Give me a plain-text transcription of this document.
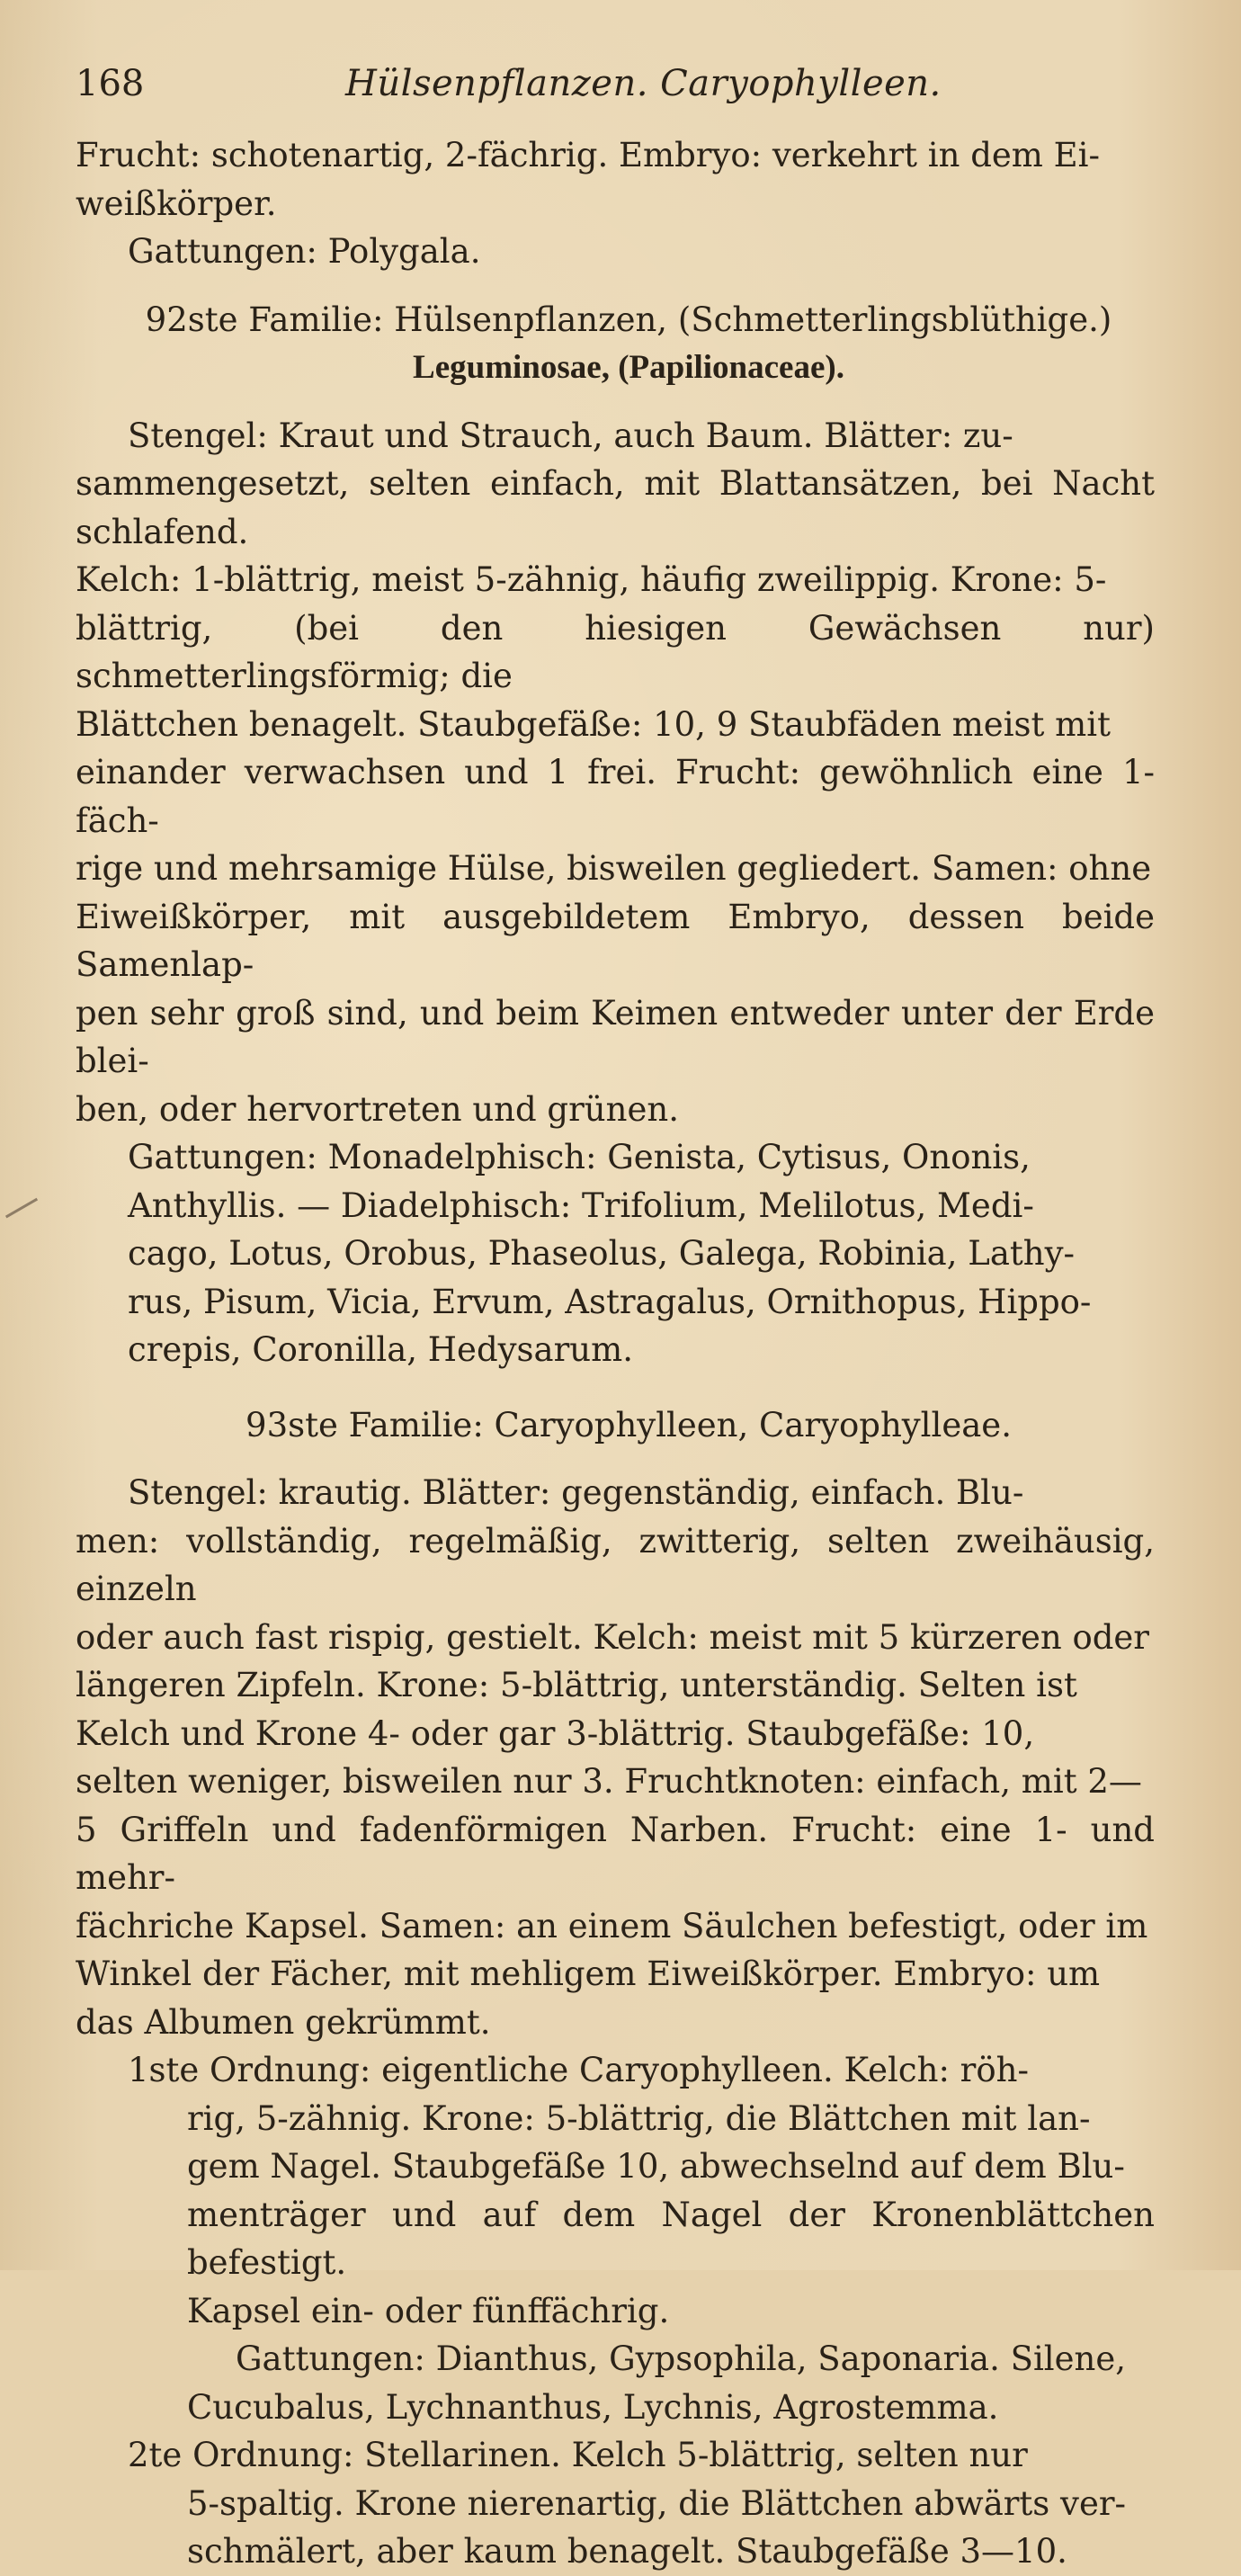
168	Hülsenpflanzen. Caryophylleen.

Frucht: schotenartig, 2-fächrig. Embryo: verkehrt in dem Ei-

weißkörper.

Gattungen: Polygala.

92ste Familie: Hülsenpflanzen, (Schmetterlingsblüthige.)

Leguminosae, (Papilionaceae).

Stengel: Kraut und Strauch, auch Baum. Blätter: zu-

sammengesetzt, selten einfach, mit Blattansätzen, bei Nacht schlafend.

Kelch: 1-blättrig, meist 5-zähnig, häufig zweilippig. Krone: 5-

blättrig, (bei den hiesigen Gewächsen nur) schmetterlingsförmig; die

Blättchen benagelt. Staubgefäße: 10, 9 Staubfäden meist mit

einander verwachsen und 1 frei. Frucht: gewöhnlich eine 1-fäch-

rige und mehrsamige Hülse, bisweilen gegliedert. Samen: ohne

Eiweißkörper, mit ausgebildetem Embryo, dessen beide Samenlap-

pen sehr groß sind, und beim Keimen entweder unter der Erde blei-

ben, oder hervortreten und grünen.

Gattungen: Monadelphisch: Genista, Cytisus, Ononis,

Anthyllis. — Diadelphisch: Trifolium, Melilotus, Medi-

cago, Lotus, Orobus, Phaseolus, Galega, Robinia, Lathy-

rus, Pisum, Vicia, Ervum, Astragalus, Ornithopus, Hippo-

crepis, Coronilla, Hedysarum.

93ste Familie: Caryophylleen, Caryophylleae.

Stengel: krautig. Blätter: gegenständig, einfach. Blu-

men: vollständig, regelmäßig, zwitterig, selten zweihäusig, einzeln

oder auch fast rispig, gestielt. Kelch: meist mit 5 kürzeren oder

längeren Zipfeln. Krone: 5-blättrig, unterständig. Selten ist

Kelch und Krone 4- oder gar 3-blättrig. Staubgefäße: 10,

selten weniger, bisweilen nur 3. Fruchtknoten: einfach, mit 2—

5 Griffeln und fadenförmigen Narben. Frucht: eine 1- und mehr-

fächriche Kapsel. Samen: an einem Säulchen befestigt, oder im

Winkel der Fächer, mit mehligem Eiweißkörper. Embryo: um

das Albumen gekrümmt.

1ste Ordnung: eigentliche Caryophylleen. Kelch: röh-

rig, 5-zähnig. Krone: 5-blättrig, die Blättchen mit lan-

gem Nagel. Staubgefäße 10, abwechselnd auf dem Blu-

menträger und auf dem Nagel der Kronenblättchen befestigt.

Kapsel ein- oder fünffächrig.

Gattungen: Dianthus, Gypsophila, Saponaria. Silene,

Cucubalus, Lychnanthus, Lychnis, Agrostemma.

2te Ordnung: Stellarinen. Kelch 5-blättrig, selten nur

5-spaltig. Krone nierenartig, die Blättchen abwärts ver-

schmälert, aber kaum benagelt. Staubgefäße 3—10.
